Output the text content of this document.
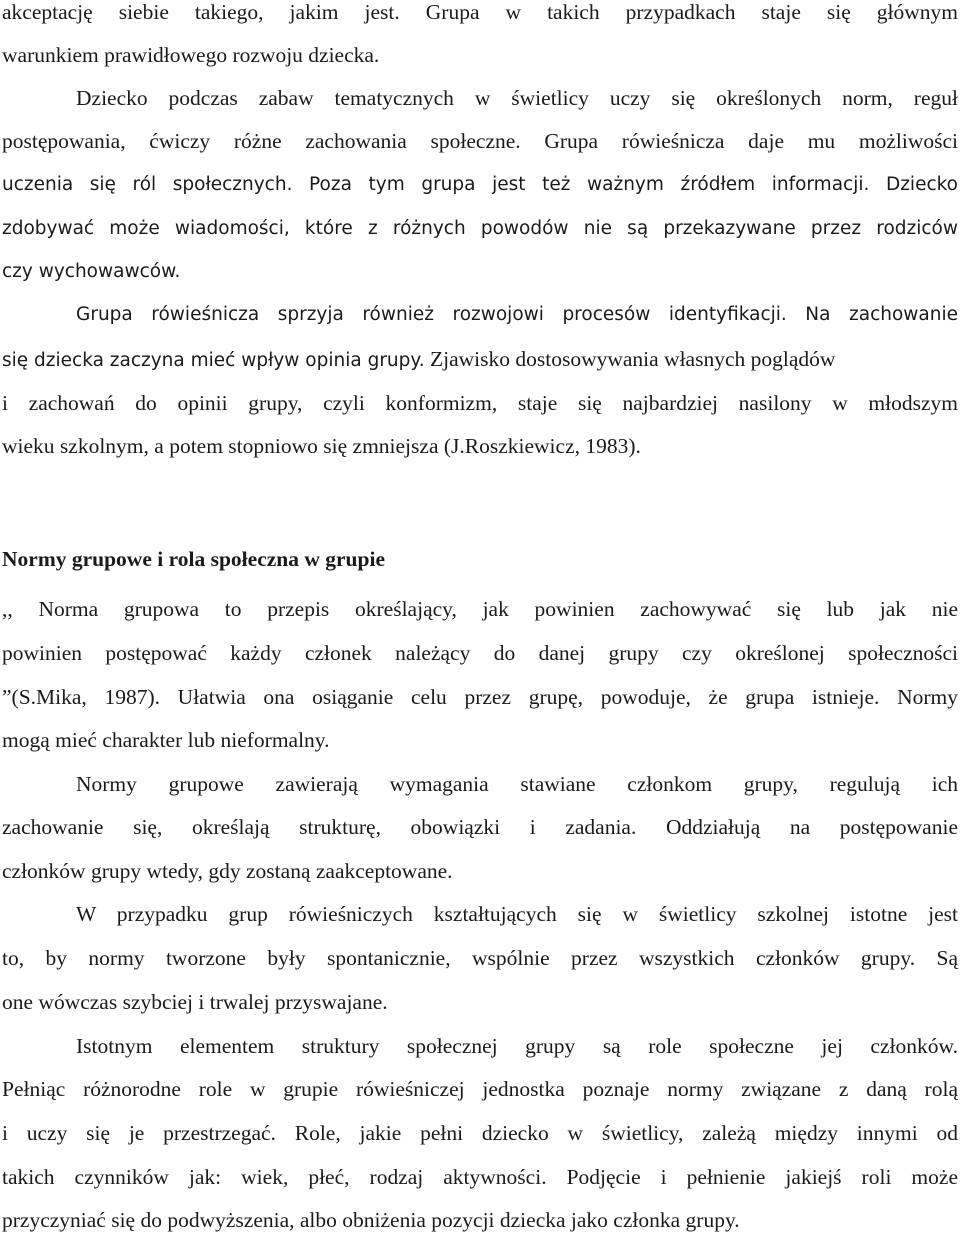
akceptację siebie takiego, jakim jest. Grupa w takich przypadkach staje się głównym
warunkiem prawidłowego rozwoju dziecka.
Dziecko podczas zabaw tematycznych w świetlicy uczy się określonych norm, reguł
postępowania, ćwiczy różne zachowania społeczne. Grupa rówieśnicza daje mu możliwości
uczenia się ról społecznych. Poza tym grupa jest też ważnym źródłem informacji. Dziecko
zdobywać może wiadomości, które z różnych powodów nie są przekazywane przez rodziców
czy wychowawców.
Grupa rówieśnicza sprzyja również rozwojowi procesów identyfikacji. Na zachowanie
się dziecka zaczyna mieć wpływ opinia grupy. Zjawisko dostosowywania własnych poglądów
i zachowań do opinii grupy, czyli konformizm, staje się najbardziej nasilony w młodszym
wieku szkolnym, a potem stopniowo się zmniejsza (J.Roszkiewicz, 1983).
Normy grupowe i rola społeczna w grupie
,, Norma grupowa to przepis określający, jak powinien zachowywać się lub jak nie
powinien postępować każdy członek należący do danej grupy czy określonej społeczności
”(S.Mika, 1987). Ułatwia ona osiąganie celu przez grupę, powoduje, że grupa istnieje. Normy
mogą mieć charakter lub nieformalny.
Normy grupowe zawierają wymagania stawiane członkom grupy, regulują ich
zachowanie się, określają strukturę, obowiązki i zadania. Oddziałują na postępowanie
członków grupy wtedy, gdy zostaną zaakceptowane.
W przypadku grup rówieśniczych kształtujących się w świetlicy szkolnej istotne jest
to, by normy tworzone były spontanicznie, wspólnie przez wszystkich członków grupy. Są
one wówczas szybciej i trwalej przyswajane.
Istotnym elementem struktury społecznej grupy są role społeczne jej członków.
Pełniąc różnorodne role w grupie rówieśniczej jednostka poznaje normy związane z daną rolą
i uczy się je przestrzegać. Role, jakie pełni dziecko w świetlicy, zależą między innymi od
takich czynników jak: wiek, płeć, rodzaj aktywności. Podjęcie i pełnienie jakiejś roli może
przyczyniać się do podwyższenia, albo obniżenia pozycji dziecka jako członka grupy.
